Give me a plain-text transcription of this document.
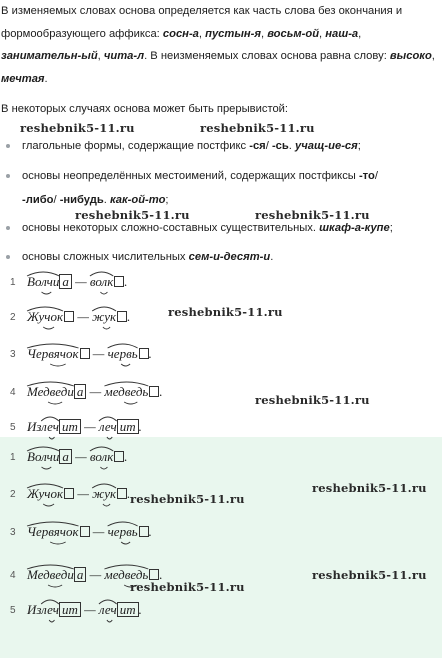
В изменяемых словах основа определяется как часть слова без окончания и

формообразующего аффикса: сосн-а, пустын-я, восьм-ой, наш-а,

занимательн-ый, чита-л. В неизменяемых словах основа равна слову: высоко,

мечтая.

В некоторых случаях основа может быть прерывистой:
reshebnik5-11.ru	reshebnik5-11.ru
глагольные формы, содержащие постфикс -ся/ -сь. учащ-ие-ся;
основы неопределённых местоимений, содержащих постфиксы -то/
-либо/ -нибудь. как-ой-то;
reshebnik5-11.ru	reshebnik5-11.ru
основы некоторых сложно-составных существительных. шкаф-а-купе;
основы сложных числительных сем-и-десят-и.
reshebnik5-11.ru
reshebnik5-11.ru
1 Волчи а — волк .
1 Волчи а — волк .
2 Жучок — жук .
2 Жучок — жук .
3 Червячок — червь .
3 Червячок — червь .
4 Медведи а — медведь .
4 Медведи а — медведь .
5 Излеч ит — леч ит .
5 Излеч ит — леч ит .
reshebnik5-11.ru
reshebnik5-11.ru
reshebnik5-11.ru
reshebnik5-11.ru
